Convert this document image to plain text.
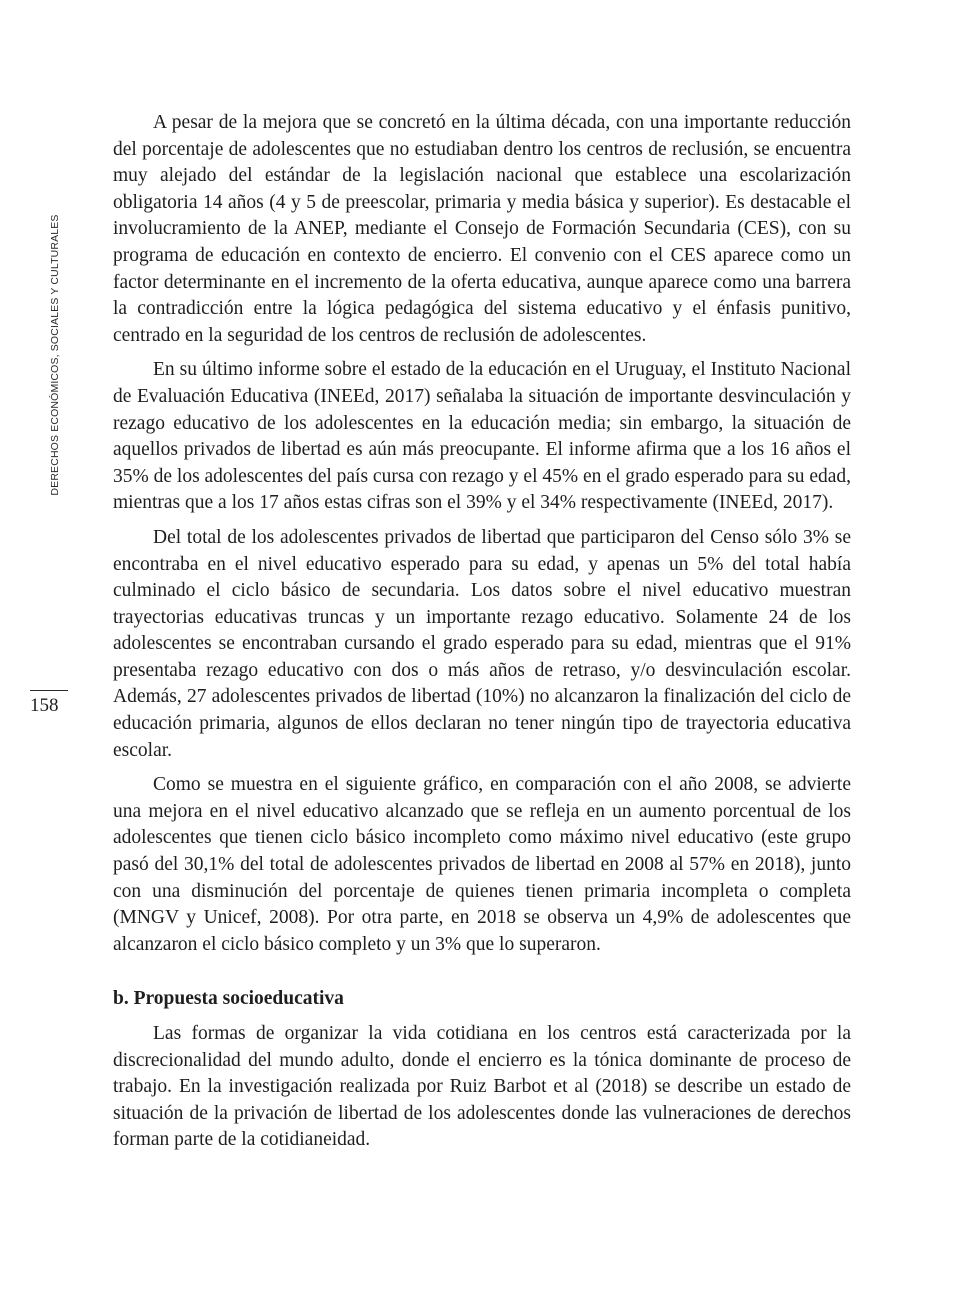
DERECHOS ECONÓMICOS, SOCIALES Y CULTURALES
158

A pesar de la mejora que se concretó en la última década, con una importante reducción del porcentaje de adolescentes que no estudiaban dentro los centros de reclusión, se encuentra muy alejado del estándar de la legislación nacional que establece una escolarización obligatoria 14 años (4 y 5 de preescolar, primaria y media básica y superior). Es destacable el involucramiento de la ANEP, mediante el Consejo de Formación Secundaria (CES), con su programa de educación en contexto de encierro. El convenio con el CES aparece como un factor determinante en el incremento de la oferta educativa, aunque aparece como una barrera la contradicción entre la lógica pedagógica del sistema educativo y el énfasis punitivo, centrado en la seguridad de los centros de reclusión de adolescentes.

En su último informe sobre el estado de la educación en el Uruguay, el Instituto Nacional de Evaluación Educativa (INEEd, 2017) señalaba la situación de importante desvinculación y rezago educativo de los adolescentes en la educación media; sin embargo, la situación de aquellos privados de libertad es aún más preocupante. El informe afirma que a los 16 años el 35% de los adolescentes del país cursa con rezago y el 45% en el grado esperado para su edad, mientras que a los 17 años estas cifras son el 39% y el 34% respectivamente (INEEd, 2017).

Del total de los adolescentes privados de libertad que participaron del Censo sólo 3% se encontraba en el nivel educativo esperado para su edad, y apenas un 5% del total había culminado el ciclo básico de secundaria. Los datos sobre el nivel educativo muestran trayectorias educativas truncas y un importante rezago educativo. Solamente 24 de los adolescentes se encontraban cursando el grado esperado para su edad, mientras que el 91% presentaba rezago educativo con dos o más años de retraso, y/o desvinculación escolar. Además, 27 adolescentes privados de libertad (10%) no alcanzaron la finalización del ciclo de educación primaria, algunos de ellos declaran no tener ningún tipo de trayectoria educativa escolar.

Como se muestra en el siguiente gráfico, en comparación con el año 2008, se advierte una mejora en el nivel educativo alcanzado que se refleja en un aumento porcentual de los adolescentes que tienen ciclo básico incompleto como máximo nivel educativo (este grupo pasó del 30,1% del total de adolescentes privados de libertad en 2008 al 57% en 2018), junto con una disminución del porcentaje de quienes tienen primaria incompleta o completa (MNGV y Unicef, 2008). Por otra parte, en 2018 se observa un 4,9% de adolescentes que alcanzaron el ciclo básico completo y un 3% que lo superaron.

b. Propuesta socioeducativa

Las formas de organizar la vida cotidiana en los centros está caracterizada por la discrecionalidad del mundo adulto, donde el encierro es la tónica dominante de proceso de trabajo. En la investigación realizada por Ruiz Barbot et al (2018) se describe un estado de situación de la privación de libertad de los adolescentes donde las vulneraciones de derechos forman parte de la cotidianeidad.
